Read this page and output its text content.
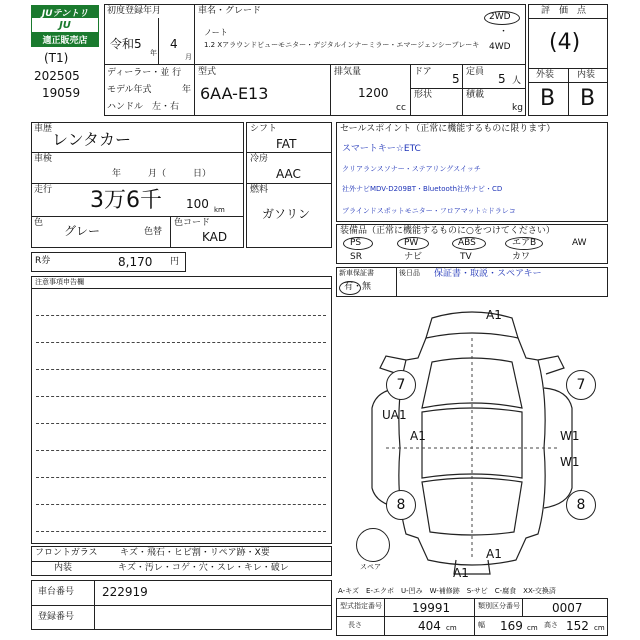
JUテントリ
JU
適正販売店
(T1)
202505
19059
初度登録年月
令和5
年
4
月
ディーラー・並 行
モデル年式	年
ハンドル　左・右
車名・グレード
ノート
1.2 Xアラウンドビューモニター・デジタルインナーミラー・エマージェンシーブレーキ
2WD
・
4WD
型式
6AA-E13
排気量
1200
cc
ドア 5 定員 5 人
形状	積載
kg
評　価　点
(4)
外装	内装
B B
車歴
レンタカー
車検
年　　　月（　　　日）
走行 3万6千 100 km
色
グレー	色替
色コード
KAD
シフト
FAT
冷房
AAC
燃料
ガソリン
R券	8,170 円
セールスポイント（正常に機能するものに限ります）
スマートキー☆ETC
クリアランスソナー・ステアリングスイッチ
社外ナビMDV-D209BT・Bluetooth社外ナビ・CD
ブラインドスポットモニター・フロアマット☆ドラレコ
装備品（正常に機能するものに○をつけてください）
PS	PW	ABS	エアB	AW
SR	ナビ	TV	カワ
新車保証書
有・無
後日品 保証書・取説・スペアキー
注意事項申告欄
7	7
8	8
スペア
A1
UA1
A1	W1
W1
A1
A1
A-キズ　E-エクボ　U-凹み　W-補修跡　S-サビ　C-腐食　XX-交換済
フロントガラス	キズ・飛石・ヒビ割・リペア跡・X要
内装	キズ・汚レ・コゲ・穴・スレ・キレ・破レ
車台番号 222919
登録番号
型式指定番号	19991	類別区分番号	0007
長さ	404 cm	幅 169 cm 高さ 152 cm
